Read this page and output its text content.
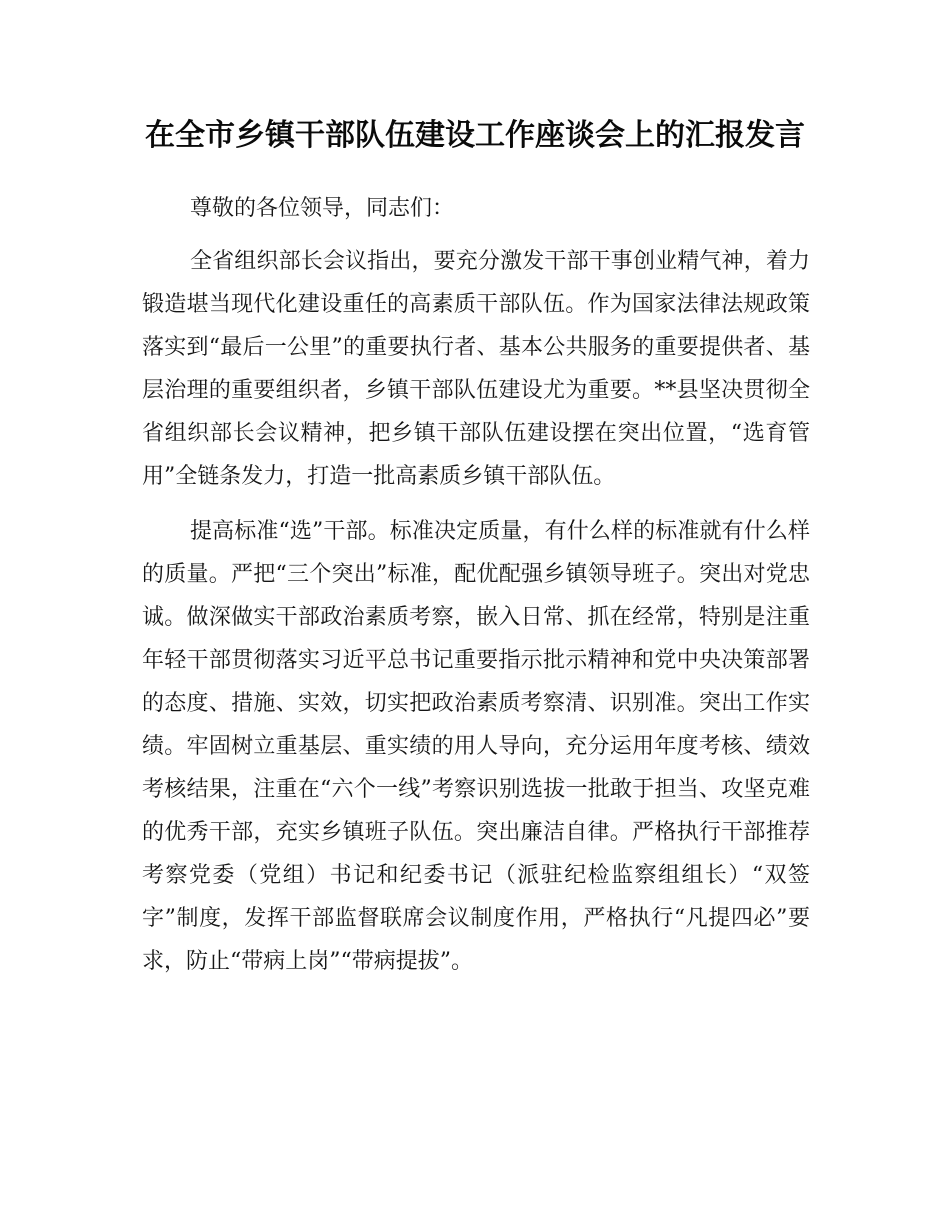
在全市乡镇干部队伍建设工作座谈会上的汇报发言

尊敬的各位领导，同志们：

全省组织部长会议指出，要充分激发干部干事创业精气神，着力锻造堪当现代化建设重任的高素质干部队伍。作为国家法律法规政策落实到“最后一公里”的重要执行者、基本公共服务的重要提供者、基层治理的重要组织者，乡镇干部队伍建设尤为重要。**县坚决贯彻全省组织部长会议精神，把乡镇干部队伍建设摆在突出位置，“选育管用”全链条发力，打造一批高素质乡镇干部队伍。

提高标准“选”干部。标准决定质量，有什么样的标准就有什么样的质量。严把“三个突出”标准，配优配强乡镇领导班子。突出对党忠诚。做深做实干部政治素质考察，嵌入日常、抓在经常，特别是注重年轻干部贯彻落实习近平总书记重要指示批示精神和党中央决策部署的态度、措施、实效，切实把政治素质考察清、识别准。突出工作实绩。牢固树立重基层、重实绩的用人导向，充分运用年度考核、绩效考核结果，注重在“六个一线”考察识别选拔一批敢于担当、攻坚克难的优秀干部，充实乡镇班子队伍。突出廉洁自律。严格执行干部推荐考察党委（党组）书记和纪委书记（派驻纪检监察组组长）“双签字”制度，发挥干部监督联席会议制度作用，严格执行“凡提四必”要求，防止“带病上岗”“带病提拔”。
